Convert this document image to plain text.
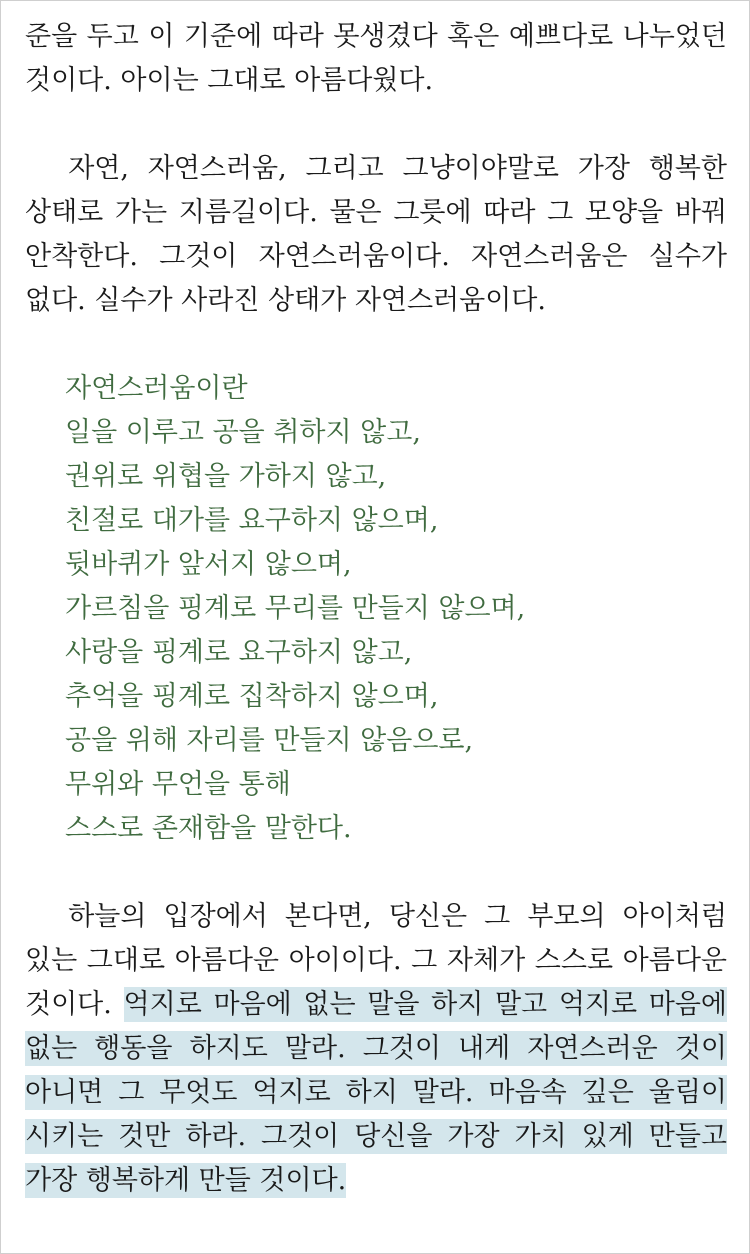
준을 두고 이 기준에 따라 못생겼다 혹은 예쁘다로 나누었던 것이다. 아이는 그대로 아름다웠다.

자연, 자연스러움, 그리고 그냥이야말로 가장 행복한 상태로 가는 지름길이다. 물은 그릇에 따라 그 모양을 바꿔 안착한다. 그것이 자연스러움이다. 자연스러움은 실수가 없다. 실수가 사라진 상태가 자연스러움이다.

자연스러움이란
일을 이루고 공을 취하지 않고,
권위로 위협을 가하지 않고,
친절로 대가를 요구하지 않으며,
뒷바퀴가 앞서지 않으며,
가르침을 핑계로 무리를 만들지 않으며,
사랑을 핑계로 요구하지 않고,
추억을 핑계로 집착하지 않으며,
공을 위해 자리를 만들지 않음으로,
무위와 무언을 통해
스스로 존재함을 말한다.

하늘의 입장에서 본다면, 당신은 그 부모의 아이처럼 있는 그대로 아름다운 아이이다. 그 자체가 스스로 아름다운 것이다. 억지로 마음에 없는 말을 하지 말고 억지로 마음에 없는 행동을 하지도 말라. 그것이 내게 자연스러운 것이 아니면 그 무엇도 억지로 하지 말라. 마음속 깊은 울림이 시키는 것만 하라. 그것이 당신을 가장 가치 있게 만들고 가장 행복하게 만들 것이다.
